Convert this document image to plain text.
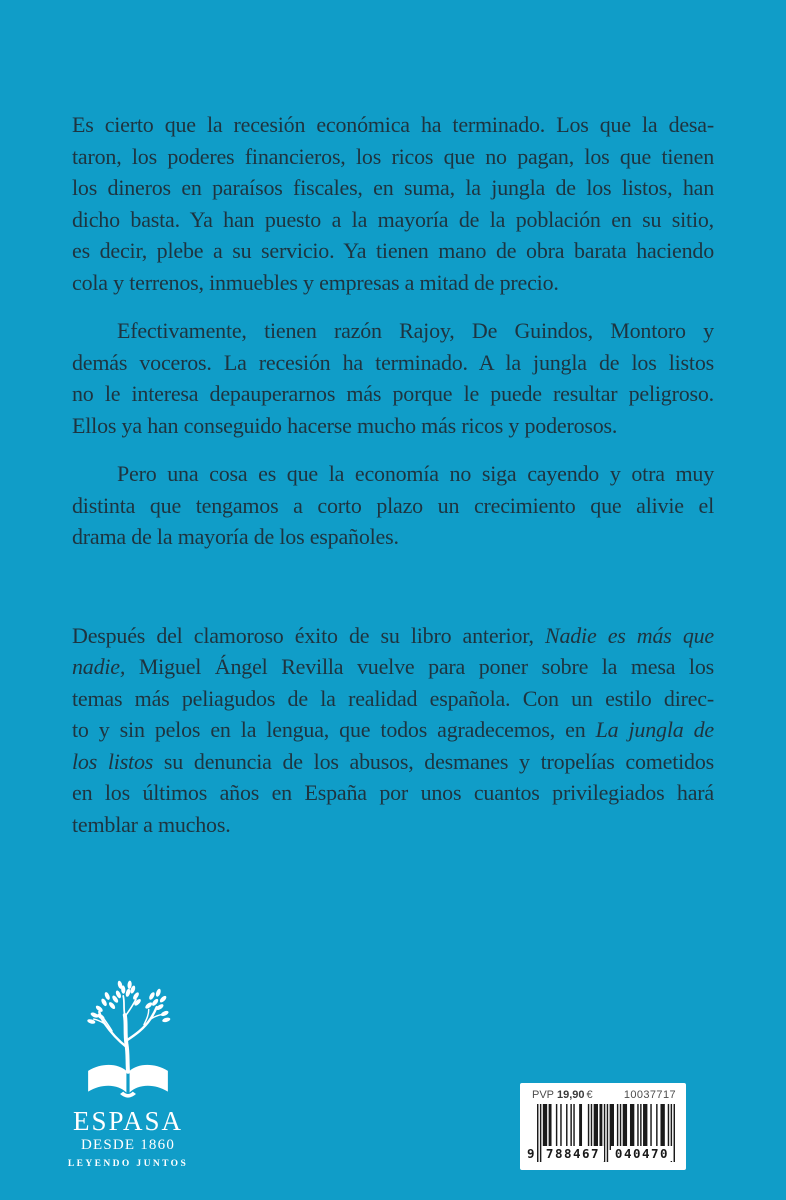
Es cierto que la recesión económica ha terminado. Los que la desa-
taron, los poderes financieros, los ricos que no pagan, los que tienen
los dineros en paraísos fiscales, en suma, la jungla de los listos, han
dicho basta. Ya han puesto a la mayoría de la población en su sitio,
es decir, plebe a su servicio. Ya tienen mano de obra barata haciendo
cola y terrenos, inmuebles y empresas a mitad de precio.
Efectivamente, tienen razón Rajoy, De Guindos, Montoro y
demás voceros. La recesión ha terminado. A la jungla de los listos
no le interesa depauperarnos más porque le puede resultar peligroso.
Ellos ya han conseguido hacerse mucho más ricos y poderosos.
Pero una cosa es que la economía no siga cayendo y otra muy
distinta que tengamos a corto plazo un crecimiento que alivie el
drama de la mayoría de los españoles.
Después del clamoroso éxito de su libro anterior, Nadie es más que
nadie, Miguel Ángel Revilla vuelve para poner sobre la mesa los
temas más peliagudos de la realidad española. Con un estilo direc-
to y sin pelos en la lengua, que todos agradecemos, en La jungla de
los listos su denuncia de los abusos, desmanes y tropelías cometidos
en los últimos años en España por unos cuantos privilegiados hará
temblar a muchos.
ESPASA
DESDE 1860
LEYENDO JUNTOS
PVP 19,90 €	10037717
9 788467	040470
